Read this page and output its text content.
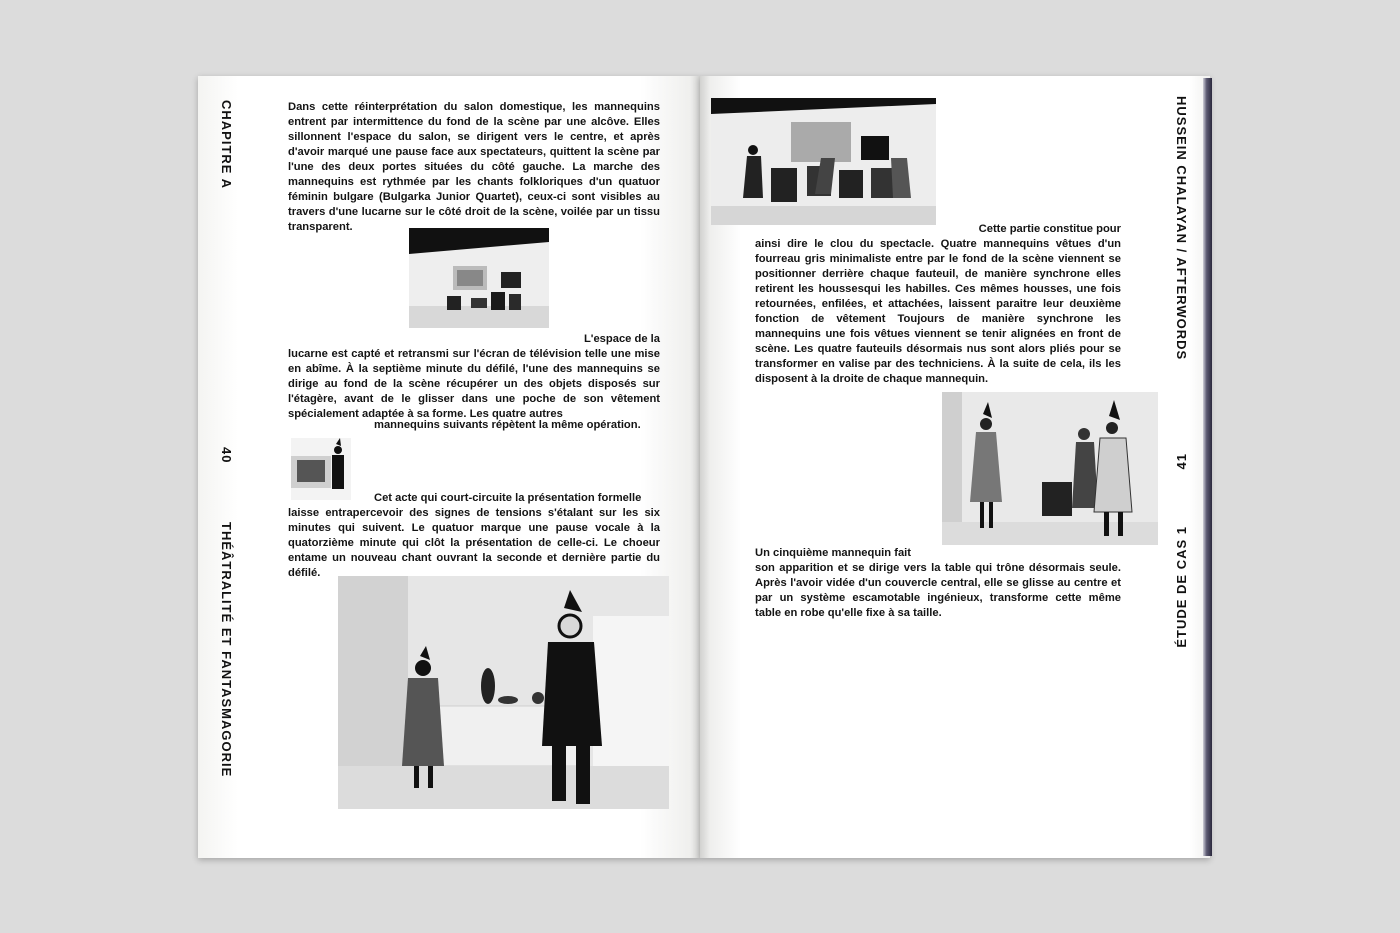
CHAPITRE A
40
THÉÂTRALITÉ ET FANTASMAGORIE

Dans cette réinterprétation du salon domestique, les mannequins entrent par intermittence du fond de la scène par une alcôve. Elles sillonnent l'espace du salon, se dirigent vers le centre, et après d'avoir marqué une pause face aux spectateurs, quittent la scène par l'une des deux portes situées du côté gauche. La marche des mannequins est rythmée par les chants folkloriques d'un quatuor féminin bulgare (Bulgarka Junior Quartet), ceux-ci sont visibles au travers d'une lucarne sur le côté droit de la scène, voilée par un tissu transparent.

L'espace de la

lucarne est capté et retransmi sur l'écran de télévision telle une mise en abîme. À la septième minute du défilé, l'une des mannequins se dirige au fond de la scène récupérer un des objets disposés sur l'étagère, avant de le glisser dans une poche de son vêtement spécialement adaptée à sa forme. Les quatre autres

mannequins suivants répètent la même opération.

Cet acte qui court-circuite la présentation formelle

laisse entrapercevoir des signes de tensions s'étalant sur les six minutes qui suivent. Le quatuor marque une pause vocale à la quatorzième minute qui clôt la présentation de celle-ci. Le choeur entame un nouveau chant ouvrant la seconde et dernière partie du défilé.

HUSSEIN CHALAYAN / AFTERWORDS
41
ÉTUDE DE CAS 1

Cette partie constitue pour

ainsi dire le clou du spectacle. Quatre mannequins vêtues d'un fourreau gris minimaliste entre par le fond de la scène viennent se positionner derrière chaque fauteuil, de manière synchrone elles retirent les houssesqui les habilles. Ces mêmes housses, une fois retournées, enfilées, et attachées, laissent paraitre leur deuxième fonction de vêtement Toujours de manière synchrone les mannequins une fois vêtues viennent se tenir alignées en front de scène. Les quatre fauteuils désormais nus sont alors pliés pour se transformer en valise par des techniciens. À la suite de cela, ils les disposent à la droite de chaque mannequin.

Un cinquième mannequin fait

son apparition et se dirige vers la table qui trône désormais seule. Après l'avoir vidée d'un couvercle central, elle se glisse au centre et par un système escamotable ingénieux, transforme cette même table en robe qu'elle fixe à sa taille.
